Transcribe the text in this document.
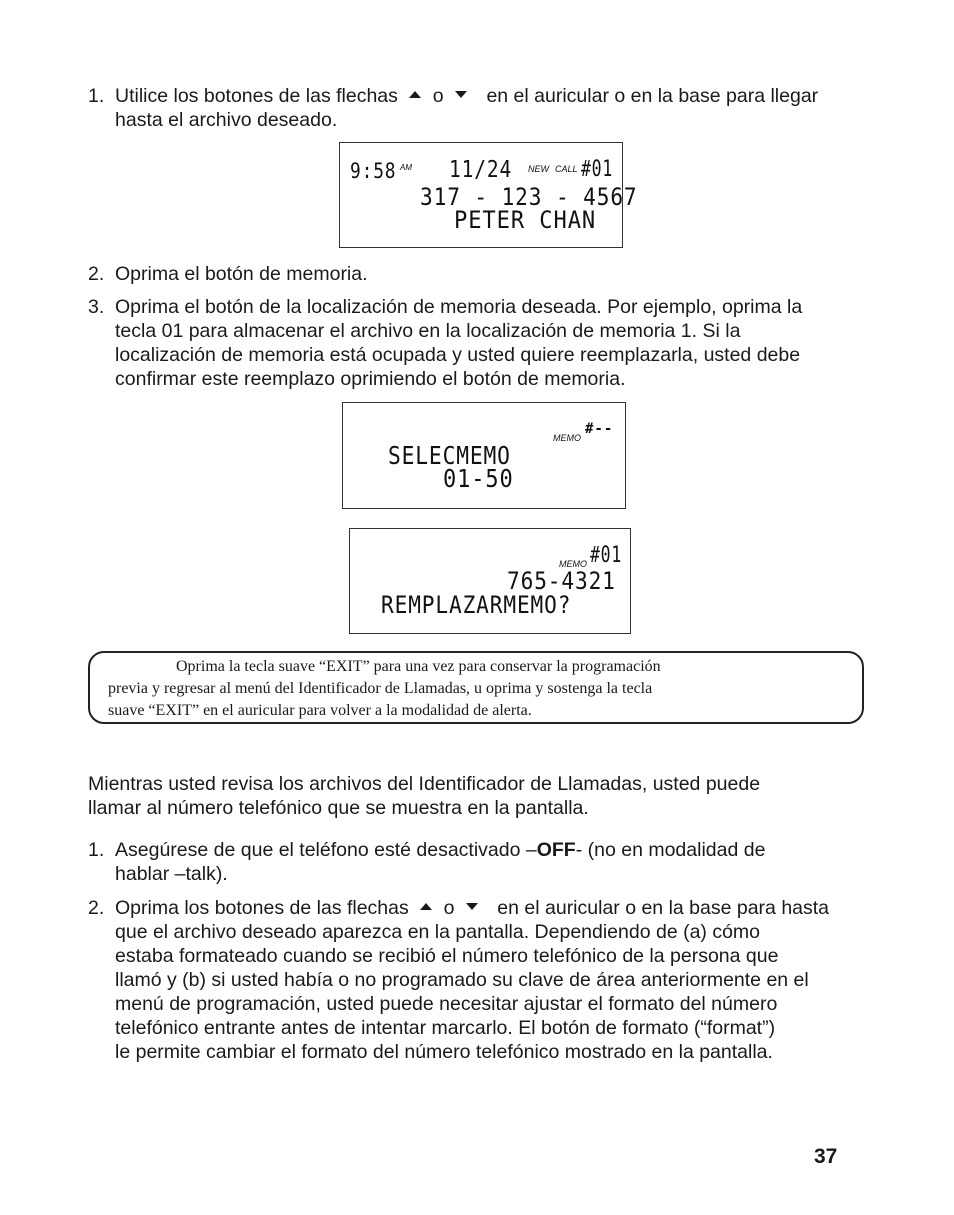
1. Utilice los botones de las flechas o en el auricular o en la base para llegar
hasta el archivo deseado.
9:58 AM 11/24 NEW CALL #01
317 - 123 - 4567
PETER CHAN
2. Oprima el botón de memoria.
3. Oprima el botón de la localización de memoria deseada. Por ejemplo, oprima la
tecla 01 para almacenar el archivo en la localización de memoria 1. Si la
localización de memoria está ocupada y usted quiere reemplazarla, usted debe
confirmar este reemplazo oprimiendo el botón de memoria.
MEMO
#--
SELECMEMO
01-50
MEMO #01
765-4321
REMPLAZARMEMO?
Oprima la tecla suave “EXIT” para una vez para conservar la programación
previa y regresar al menú del Identificador de Llamadas, u oprima y sostenga la tecla
suave “EXIT” en el auricular para volver a la modalidad de alerta.
Mientras usted revisa los archivos del Identificador de Llamadas, usted puede
llamar al número telefónico que se muestra en la pantalla.
1. Asegúrese de que el teléfono esté desactivado –OFF- (no en modalidad de
hablar –talk).
2. Oprima los botones de las flechas o en el auricular o en la base para hasta
que el archivo deseado aparezca en la pantalla. Dependiendo de (a) cómo
estaba formateado cuando se recibió el número telefónico de la persona que
llamó y (b) si usted había o no programado su clave de área anteriormente en el
menú de programación, usted puede necesitar ajustar el formato del número
telefónico entrante antes de intentar marcarlo. El botón de formato (“format”)
le permite cambiar el formato del número telefónico mostrado en la pantalla.
37
